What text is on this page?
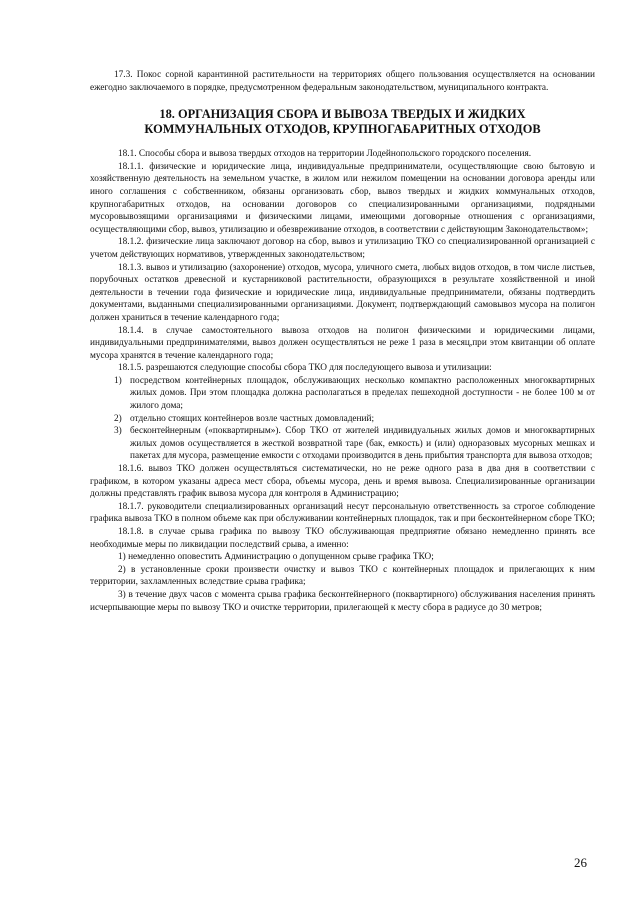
17.3. Покос сорной карантинной растительности на территориях общего пользования осуществляется на основании ежегодно заключаемого в порядке, предусмотренном федеральным законодательством, муниципального контракта.

18. ОРГАНИЗАЦИЯ СБОРА И ВЫВОЗА ТВЕРДЫХ И ЖИДКИХ
КОММУНАЛЬНЫХ ОТХОДОВ, КРУПНОГАБАРИТНЫХ ОТХОДОВ

18.1. Способы сбора и вывоза твердых отходов на территории Лодейнопольского городского поселения.

18.1.1. физические и юридические лица, индивидуальные предприниматели, осуществляющие свою бытовую и хозяйственную деятельность на земельном участке, в жилом или нежилом помещении на основании договора аренды или иного соглашения с собственником, обязаны организовать сбор, вывоз твердых и жидких коммунальных отходов, крупногабаритных отходов, на основании договоров со специализированными организациями, подрядными мусоровывозящими организациями и физическими лицами, имеющими договорные отношения с организациями, осуществляющими сбор, вывоз, утилизацию и обезвреживание отходов, в соответствии с действующим Законодательством»;

18.1.2. физические лица заключают договор на сбор, вывоз и утилизацию ТКО со специализированной организацией с учетом действующих нормативов, утвержденных законодательством;

18.1.3. вывоз и утилизацию (захоронение) отходов, мусора, уличного смета, любых видов отходов, в том числе листьев, порубочных остатков древесной и кустарниковой растительности, образующихся в результате хозяйственной и иной деятельности в течении года физические и юридические лица, индивидуальные предприниматели, обязаны подтвердить документами, выданными специализированными организациями. Документ, подтверждающий самовывоз мусора на полигон должен храниться в течение календарного года;

18.1.4. в случае самостоятельного вывоза отходов на полигон физическими и юридическими лицами, индивидуальными предпринимателями, вывоз должен осуществляться не реже 1 раза в месяц,при этом квитанции об оплате мусора хранятся в течение календарного года;

18.1.5. разрешаются следующие способы сбора ТКО для последующего вывоза и утилизации:

1) посредством контейнерных площадок, обслуживающих несколько компактно расположенных многоквартирных жилых домов. При этом площадка должна располагаться в пределах пешеходной доступности - не более 100 м от жилого дома;
2) отдельно стоящих контейнеров возле частных домовладений;
3) бесконтейнерным («поквартирным»). Сбор ТКО от жителей индивидуальных жилых домов и многоквартирных жилых домов осуществляется в жесткой возвратной таре (бак, емкость) и (или) одноразовых мусорных мешках и пакетах для мусора, размещение емкости с отходами производится в день прибытия транспорта для вывоза отходов;

18.1.6. вывоз ТКО должен осуществляться систематически, но не реже одного раза в два дня в соответствии с графиком, в котором указаны адреса мест сбора, объемы мусора, день и время вывоза. Специализированные организации должны представлять график вывоза мусора для контроля в Администрацию;

18.1.7. руководители специализированных организаций несут персональную ответственность за строгое соблюдение графика вывоза ТКО в полном объеме как при обслуживании контейнерных площадок, так и при бесконтейнерном сборе ТКО;

18.1.8. в случае срыва графика по вывозу ТКО обслуживающая предприятие обязано немедленно принять все необходимые меры по ликвидации последствий срыва, а именно:

1) немедленно оповестить Администрацию о допущенном срыве графика ТКО;

2) в установленные сроки произвести очистку и вывоз ТКО с контейнерных площадок и прилегающих к ним территории, захламленных вследствие срыва графика;

3) в течение двух часов с момента срыва графика бесконтейнерного (поквартирного) обслуживания населения принять исчерпывающие меры по вывозу ТКО и очистке территории, прилегающей к месту сбора в радиусе до 30 метров;

26
